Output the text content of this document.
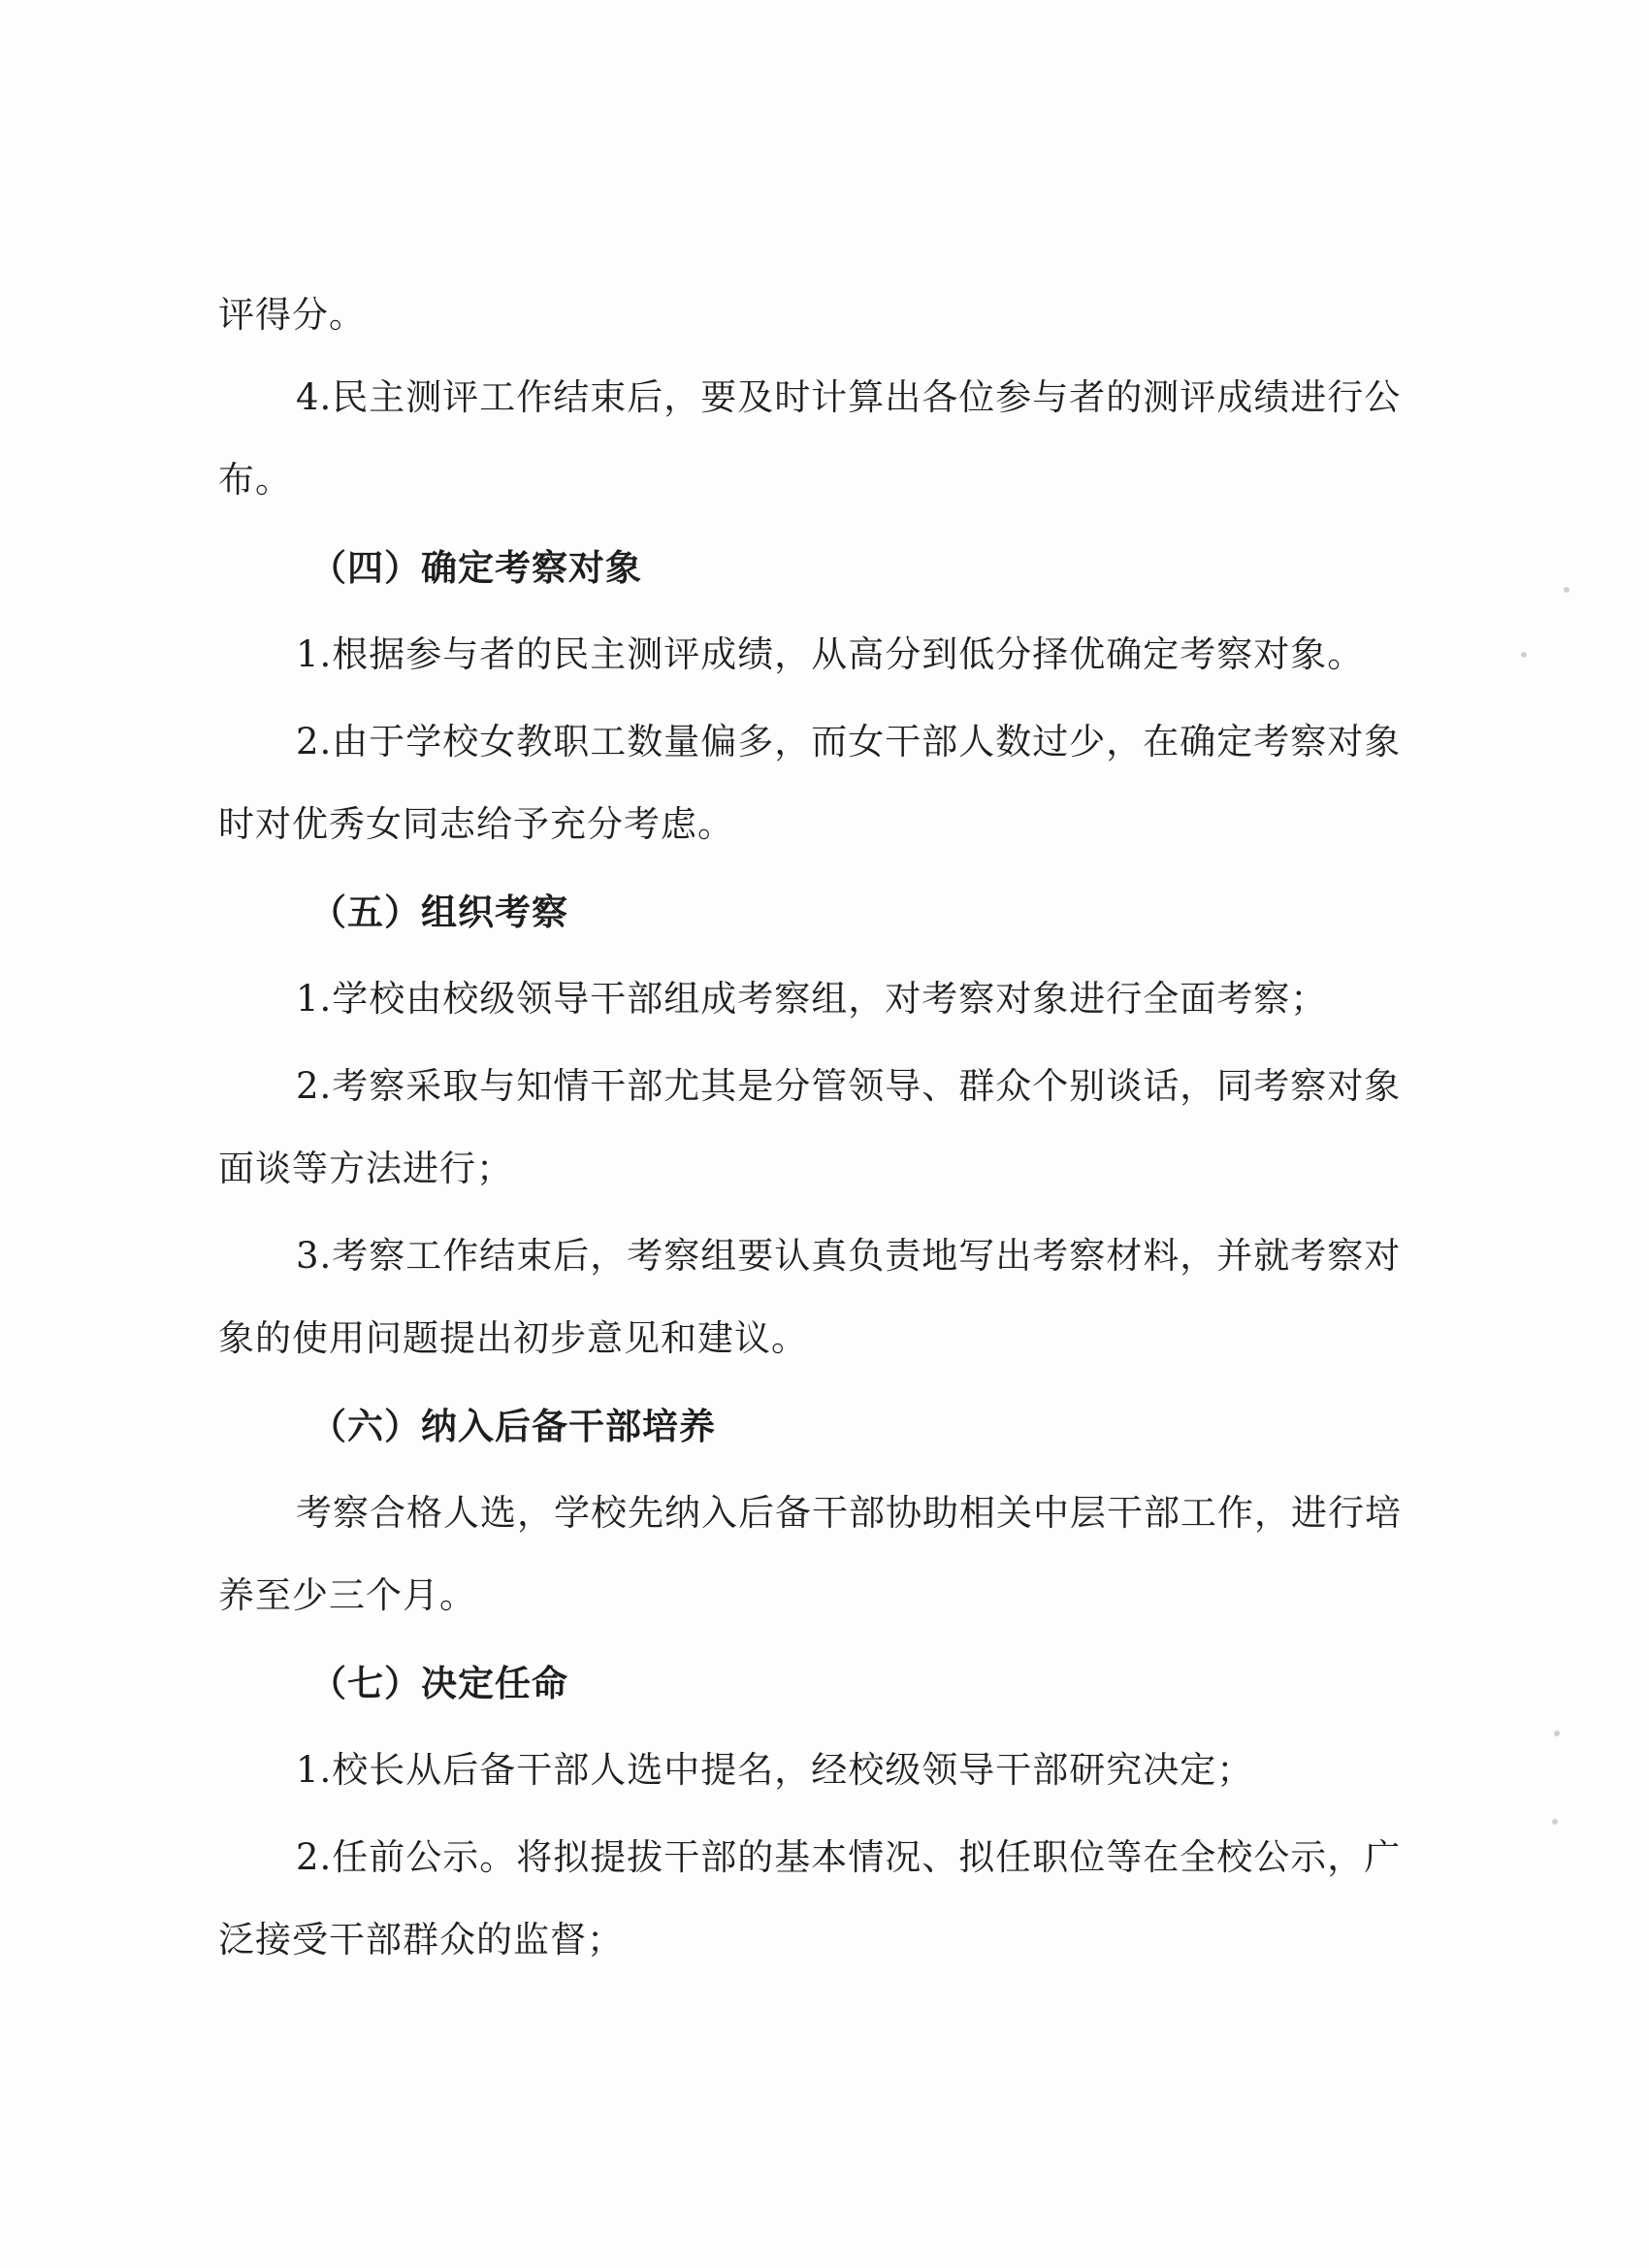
评得分。
4.民主测评工作结束后，要及时计算出各位参与者的测评成绩进行公
布。
（四）确定考察对象
1.根据参与者的民主测评成绩，从高分到低分择优确定考察对象。
2.由于学校女教职工数量偏多，而女干部人数过少，在确定考察对象
时对优秀女同志给予充分考虑。
（五）组织考察
1.学校由校级领导干部组成考察组，对考察对象进行全面考察；
2.考察采取与知情干部尤其是分管领导、群众个别谈话，同考察对象
面谈等方法进行；
3.考察工作结束后，考察组要认真负责地写出考察材料，并就考察对
象的使用问题提出初步意见和建议。
（六）纳入后备干部培养
考察合格人选，学校先纳入后备干部协助相关中层干部工作，进行培
养至少三个月。
（七）决定任命
1.校长从后备干部人选中提名，经校级领导干部研究决定；
2.任前公示。将拟提拔干部的基本情况、拟任职位等在全校公示，广
泛接受干部群众的监督；
